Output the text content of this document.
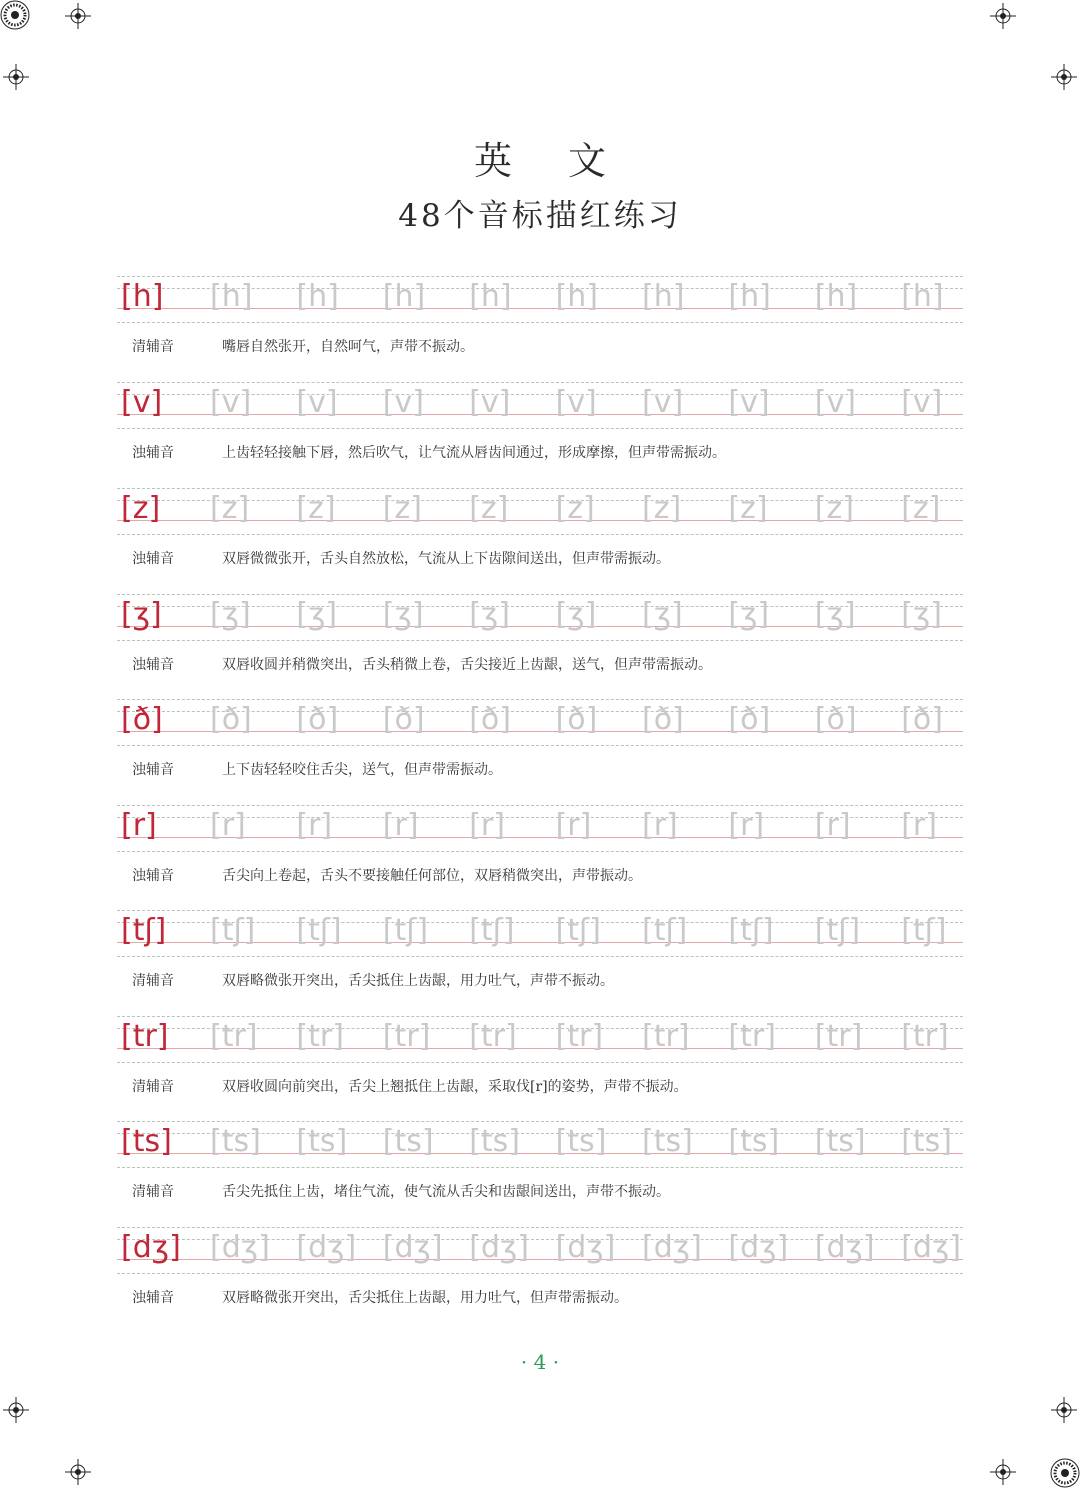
英 文
48个音标描红练习
[h] [h] [h] [h] [h] [h] [h] [h] [h] [h]
清辅音	嘴唇自然张开，自然呵气，声带不振动。
[v] [v] [v] [v] [v] [v] [v] [v] [v] [v]
浊辅音	上齿轻轻接触下唇，然后吹气，让气流从唇齿间通过，形成摩擦，但声带需振动。
[z] [z] [z] [z] [z] [z] [z] [z] [z] [z]
浊辅音	双唇微微张开，舌头自然放松，气流从上下齿隙间送出，但声带需振动。
[ʒ] [ʒ] [ʒ] [ʒ] [ʒ] [ʒ] [ʒ] [ʒ] [ʒ] [ʒ]
浊辅音	双唇收圆并稍微突出，舌头稍微上卷，舌尖接近上齿龈，送气，但声带需振动。
[ð] [ð] [ð] [ð] [ð] [ð] [ð] [ð] [ð] [ð]
浊辅音	上下齿轻轻咬住舌尖，送气，但声带需振动。
[r] [r] [r] [r] [r] [r] [r] [r] [r] [r]
浊辅音	舌尖向上卷起，舌头不要接触任何部位，双唇稍微突出，声带振动。
[tʃ] [tʃ] [tʃ] [tʃ] [tʃ] [tʃ] [tʃ] [tʃ] [tʃ] [tʃ]
清辅音	双唇略微张开突出，舌尖抵住上齿龈，用力吐气，声带不振动。
[tr] [tr] [tr] [tr] [tr] [tr] [tr] [tr] [tr] [tr]
清辅音	双唇收圆向前突出，舌尖上翘抵住上齿龈，采取伐[r]的姿势，声带不振动。
[ts] [ts] [ts] [ts] [ts] [ts] [ts] [ts] [ts] [ts]
清辅音	舌尖先抵住上齿，堵住气流，使气流从舌尖和齿龈间送出，声带不振动。
[dʒ] [dʒ] [dʒ] [dʒ] [dʒ] [dʒ] [dʒ] [dʒ] [dʒ] [dʒ]
浊辅音	双唇略微张开突出，舌尖抵住上齿龈，用力吐气，但声带需振动。
· 4 ·
